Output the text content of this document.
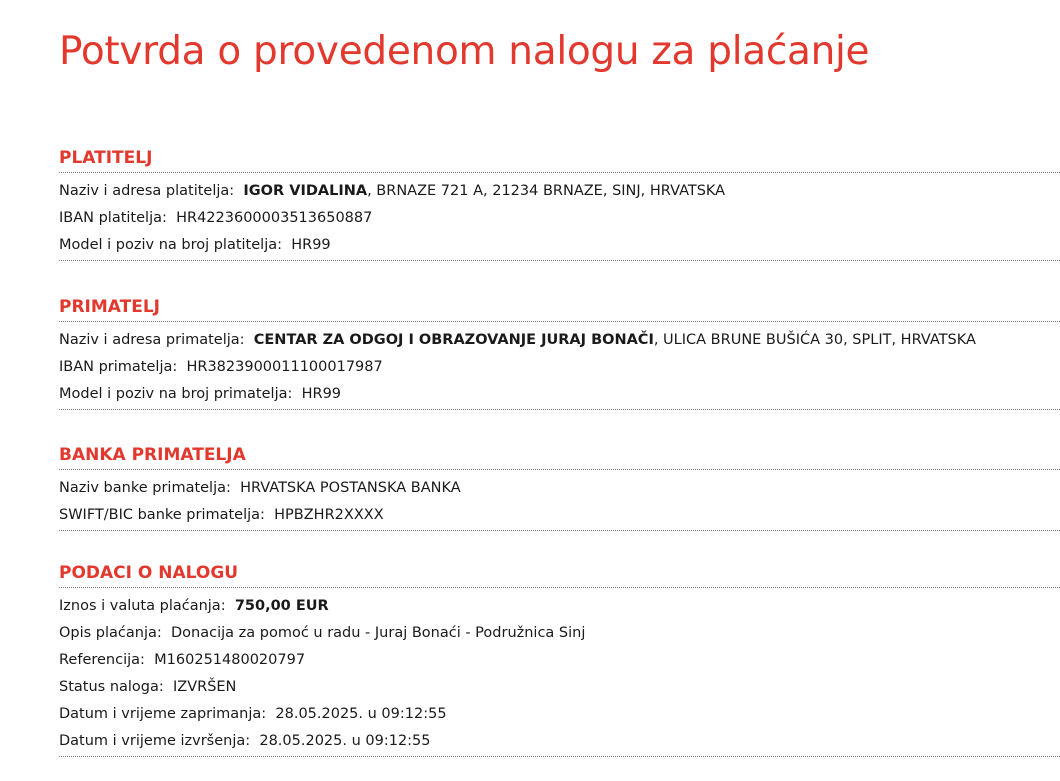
Potvrda o provedenom nalogu za plaćanje
PLATITELJ
Naziv i adresa platitelja: IGOR VIDALINA, BRNAZE 721 A, 21234 BRNAZE, SINJ, HRVATSKA
IBAN platitelja: HR4223600003513650887
Model i poziv na broj platitelja: HR99
PRIMATELJ
Naziv i adresa primatelja: CENTAR ZA ODGOJ I OBRAZOVANJE JURAJ BONAČI, ULICA BRUNE BUŠIĆA 30, SPLIT, HRVATSKA
IBAN primatelja: HR3823900011100017987
Model i poziv na broj primatelja: HR99
BANKA PRIMATELJA
Naziv banke primatelja: HRVATSKA POSTANSKA BANKA
SWIFT/BIC banke primatelja: HPBZHR2XXXX
PODACI O NALOGU
Iznos i valuta plaćanja: 750,00 EUR
Opis plaćanja: Donacija za pomoć u radu - Juraj Bonaći - Podružnica Sinj
Referencija: M160251480020797
Status naloga: IZVRŠEN
Datum i vrijeme zaprimanja: 28.05.2025. u 09:12:55
Datum i vrijeme izvršenja: 28.05.2025. u 09:12:55
